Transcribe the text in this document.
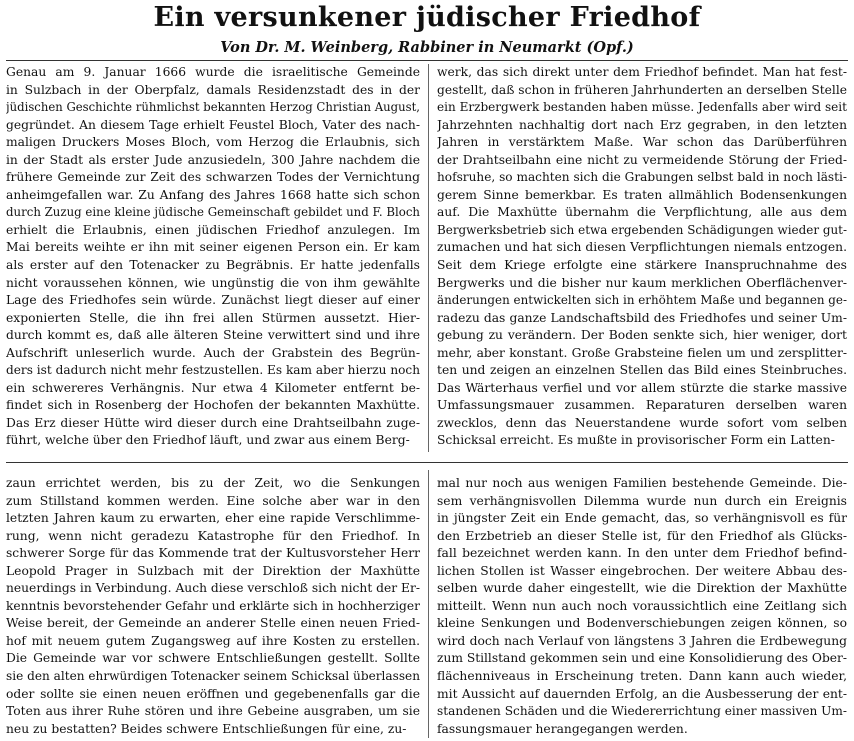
Ein versunkener jüdischer Friedhof
Von Dr. M. Weinberg, Rabbiner in Neumarkt (Opf.)
Genau am 9. Januar 1666 wurde die israelitische Gemeinde
in Sulzbach in der Oberpfalz, damals Residenzstadt des in der
jüdischen Geschichte rühmlichst bekannten Herzog Christian August,
gegründet. An diesem Tage erhielt Feustel Bloch, Vater des nach-
maligen Druckers Moses Bloch, vom Herzog die Erlaubnis, sich
in der Stadt als erster Jude anzusiedeln, 300 Jahre nachdem die
frühere Gemeinde zur Zeit des schwarzen Todes der Vernichtung
anheimgefallen war. Zu Anfang des Jahres 1668 hatte sich schon
durch Zuzug eine kleine jüdische Gemeinschaft gebildet und F. Bloch
erhielt die Erlaubnis, einen jüdischen Friedhof anzulegen. Im
Mai bereits weihte er ihn mit seiner eigenen Person ein. Er kam
als erster auf den Totenacker zu Begräbnis. Er hatte jedenfalls
nicht voraussehen können, wie ungünstig die von ihm gewählte
Lage des Friedhofes sein würde. Zunächst liegt dieser auf einer
exponierten Stelle, die ihn frei allen Stürmen aussetzt. Hier-
durch kommt es, daß alle älteren Steine verwittert sind und ihre
Aufschrift unleserlich wurde. Auch der Grabstein des Begrün-
ders ist dadurch nicht mehr festzustellen. Es kam aber hierzu noch
ein schwereres Verhängnis. Nur etwa 4 Kilometer entfernt be-
findet sich in Rosenberg der Hochofen der bekannten Maxhütte.
Das Erz dieser Hütte wird dieser durch eine Drahtseilbahn zuge-
führt, welche über den Friedhof läuft, und zwar aus einem Berg-
werk, das sich direkt unter dem Friedhof befindet. Man hat fest-
gestellt, daß schon in früheren Jahrhunderten an derselben Stelle
ein Erzbergwerk bestanden haben müsse. Jedenfalls aber wird seit
Jahrzehnten nachhaltig dort nach Erz gegraben, in den letzten
Jahren in verstärktem Maße. War schon das Darüberführen
der Drahtseilbahn eine nicht zu vermeidende Störung der Fried-
hofsruhe, so machten sich die Grabungen selbst bald in noch lästi-
gerem Sinne bemerkbar. Es traten allmählich Bodensenkungen
auf. Die Maxhütte übernahm die Verpflichtung, alle aus dem
Bergwerksbetrieb sich etwa ergebenden Schädigungen wieder gut-
zumachen und hat sich diesen Verpflichtungen niemals entzogen.
Seit dem Kriege erfolgte eine stärkere Inanspruchnahme des
Bergwerks und die bisher nur kaum merklichen Oberflächenver-
änderungen entwickelten sich in erhöhtem Maße und begannen ge-
radezu das ganze Landschaftsbild des Friedhofes und seiner Um-
gebung zu verändern. Der Boden senkte sich, hier weniger, dort
mehr, aber konstant. Große Grabsteine fielen um und zersplitter-
ten und zeigen an einzelnen Stellen das Bild eines Steinbruches.
Das Wärterhaus verfiel und vor allem stürzte die starke massive
Umfassungsmauer zusammen. Reparaturen derselben waren
zwecklos, denn das Neuerstandene wurde sofort vom selben
Schicksal erreicht. Es mußte in provisorischer Form ein Latten-
zaun errichtet werden, bis zu der Zeit, wo die Senkungen
zum Stillstand kommen werden. Eine solche aber war in den
letzten Jahren kaum zu erwarten, eher eine rapide Verschlimme-
rung, wenn nicht geradezu Katastrophe für den Friedhof. In
schwerer Sorge für das Kommende trat der Kultusvorsteher Herr
Leopold Prager in Sulzbach mit der Direktion der Maxhütte
neuerdings in Verbindung. Auch diese verschloß sich nicht der Er-
kenntnis bevorstehender Gefahr und erklärte sich in hochherziger
Weise bereit, der Gemeinde an anderer Stelle einen neuen Fried-
hof mit neuem gutem Zugangsweg auf ihre Kosten zu erstellen.
Die Gemeinde war vor schwere Entschließungen gestellt. Sollte
sie den alten ehrwürdigen Totenacker seinem Schicksal überlassen
oder sollte sie einen neuen eröffnen und gegebenenfalls gar die
Toten aus ihrer Ruhe stören und ihre Gebeine ausgraben, um sie
neu zu bestatten? Beides schwere Entschließungen für eine, zu-
mal nur noch aus wenigen Familien bestehende Gemeinde. Die-
sem verhängnisvollen Dilemma wurde nun durch ein Ereignis
in jüngster Zeit ein Ende gemacht, das, so verhängnisvoll es für
den Erzbetrieb an dieser Stelle ist, für den Friedhof als Glücks-
fall bezeichnet werden kann. In den unter dem Friedhof befind-
lichen Stollen ist Wasser eingebrochen. Der weitere Abbau des-
selben wurde daher eingestellt, wie die Direktion der Maxhütte
mitteilt. Wenn nun auch noch voraussichtlich eine Zeitlang sich
kleine Senkungen und Bodenverschiebungen zeigen können, so
wird doch nach Verlauf von längstens 3 Jahren die Erdbewegung
zum Stillstand gekommen sein und eine Konsolidierung des Ober-
flächenniveaus in Erscheinung treten. Dann kann auch wieder,
mit Aussicht auf dauernden Erfolg, an die Ausbesserung der ent-
standenen Schäden und die Wiedererrichtung einer massiven Um-
fassungsmauer herangegangen werden.
